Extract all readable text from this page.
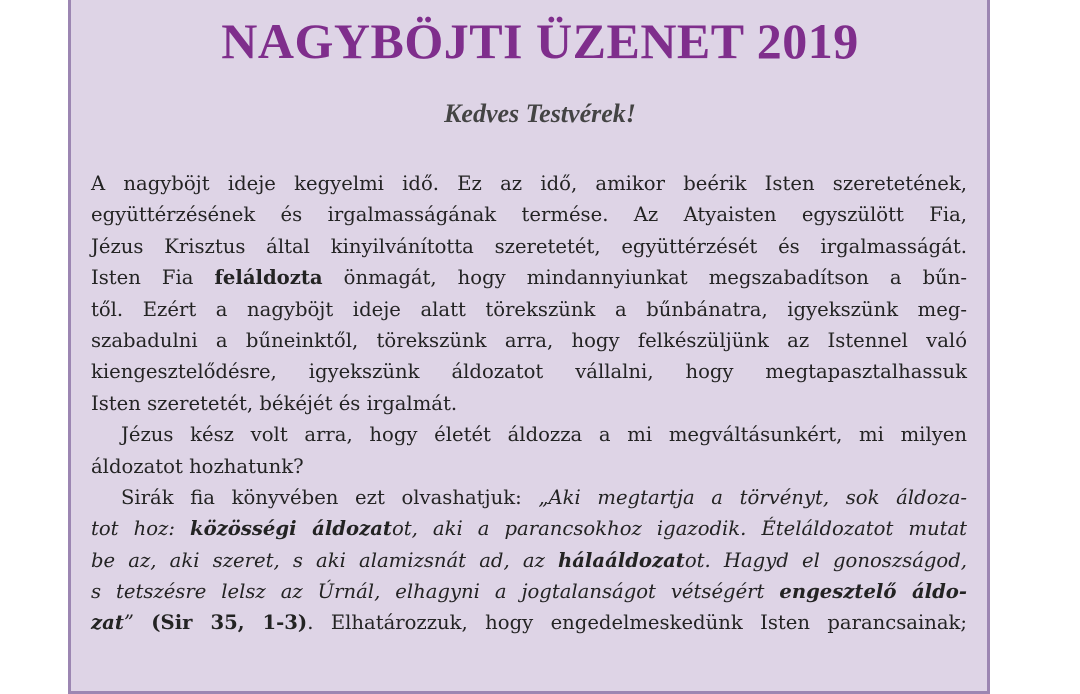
NAGYBÖJTI ÜZENET 2019
Kedves Testvérek!
A nagyböjt ideje kegyelmi idő. Ez az idő, amikor beérik Isten szeretetének,
együttérzésének és irgalmasságának termése. Az Atyaisten egyszülött Fia,
Jézus Krisztus által kinyilvánította szeretetét, együttérzését és irgalmasságát.
Isten Fia feláldozta önmagát, hogy mindannyiunkat megszabadítson a bűn-
től. Ezért a nagyböjt ideje alatt törekszünk a bűnbánatra, igyekszünk meg-
szabadulni a bűneinktől, törekszünk arra, hogy felkészüljünk az Istennel való
kiengesztelődésre, igyekszünk áldozatot vállalni, hogy megtapasztalhassuk
Isten szeretetét, békéjét és irgalmát.
Jézus kész volt arra, hogy életét áldozza a mi megváltásunkért, mi milyen
áldozatot hozhatunk?
Sirák fia könyvében ezt olvashatjuk: „Aki megtartja a törvényt, sok áldoza-
tot hoz: közösségi áldozatot, aki a parancsokhoz igazodik. Ételáldozatot mutat
be az, aki szeret, s aki alamizsnát ad, az hálaáldozatot. Hagyd el gonoszságod,
s tetszésre lelsz az Úrnál, elhagyni a jogtalanságot vétségért engesztelő áldo-
zat” (Sir 35, 1-3). Elhatározzuk, hogy engedelmeskedünk Isten parancsainak;
